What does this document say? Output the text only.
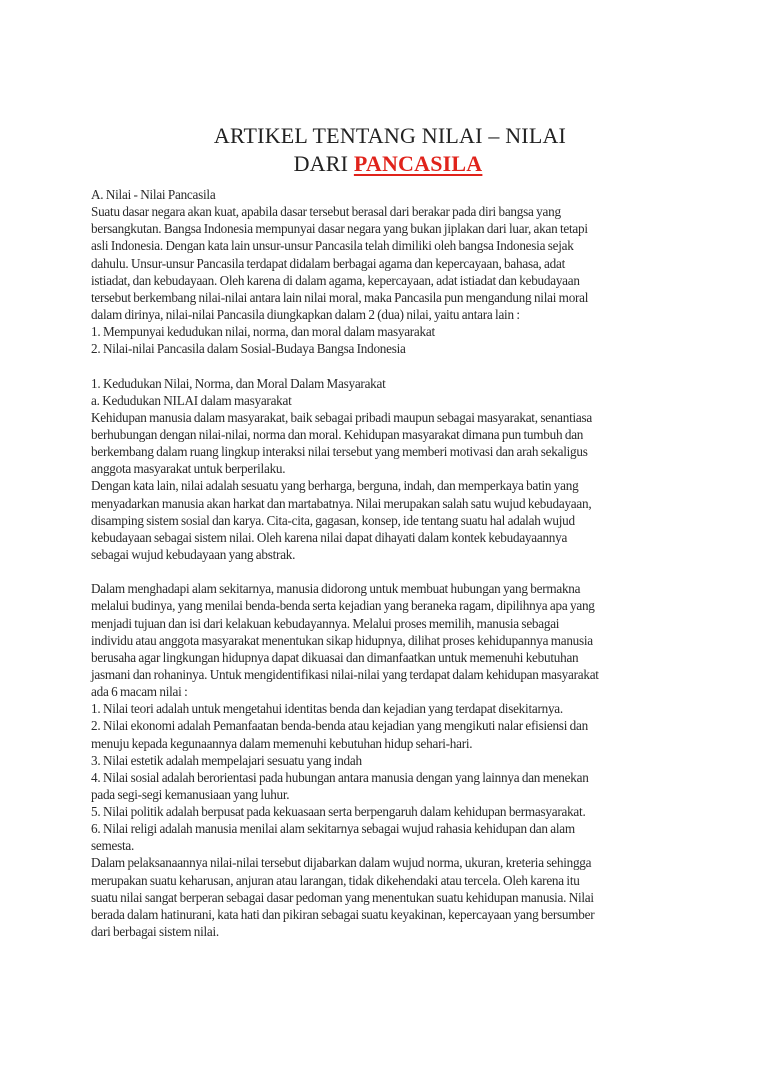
ARTIKEL TENTANG NILAI – NILAI
DARI PANCASILA
A. Nilai - Nilai Pancasila
Suatu dasar negara akan kuat, apabila dasar tersebut berasal dari berakar pada diri bangsa yang
bersangkutan. Bangsa Indonesia mempunyai dasar negara yang bukan jiplakan dari luar, akan tetapi
asli Indonesia. Dengan kata lain unsur-unsur Pancasila telah dimiliki oleh bangsa Indonesia sejak
dahulu. Unsur-unsur Pancasila terdapat didalam berbagai agama dan kepercayaan, bahasa, adat
istiadat, dan kebudayaan. Oleh karena di dalam agama, kepercayaan, adat istiadat dan kebudayaan
tersebut berkembang nilai-nilai antara lain nilai moral, maka Pancasila pun mengandung nilai moral
dalam dirinya, nilai-nilai Pancasila diungkapkan dalam 2 (dua) nilai, yaitu antara lain :
1. Mempunyai kedudukan nilai, norma, dan moral dalam masyarakat
2. Nilai-nilai Pancasila dalam Sosial-Budaya Bangsa Indonesia
1. Kedudukan Nilai, Norma, dan Moral Dalam Masyarakat
a. Kedudukan NILAI dalam masyarakat
Kehidupan manusia dalam masyarakat, baik sebagai pribadi maupun sebagai masyarakat, senantiasa
berhubungan dengan nilai-nilai, norma dan moral. Kehidupan masyarakat dimana pun tumbuh dan
berkembang dalam ruang lingkup interaksi nilai tersebut yang memberi motivasi dan arah sekaligus
anggota masyarakat untuk berperilaku.
Dengan kata lain, nilai adalah sesuatu yang berharga, berguna, indah, dan memperkaya batin yang
menyadarkan manusia akan harkat dan martabatnya. Nilai merupakan salah satu wujud kebudayaan,
disamping sistem sosial dan karya. Cita-cita, gagasan, konsep, ide tentang suatu hal adalah wujud
kebudayaan sebagai sistem nilai. Oleh karena nilai dapat dihayati dalam kontek kebudayaannya
sebagai wujud kebudayaan yang abstrak.
Dalam menghadapi alam sekitarnya, manusia didorong untuk membuat hubungan yang bermakna
melalui budinya, yang menilai benda-benda serta kejadian yang beraneka ragam, dipilihnya apa yang
menjadi tujuan dan isi dari kelakuan kebudayannya. Melalui proses memilih, manusia sebagai
individu atau anggota masyarakat menentukan sikap hidupnya, dilihat proses kehidupannya manusia
berusaha agar lingkungan hidupnya dapat dikuasai dan dimanfaatkan untuk memenuhi kebutuhan
jasmani dan rohaninya. Untuk mengidentifikasi nilai-nilai yang terdapat dalam kehidupan masyarakat
ada 6 macam nilai :
1. Nilai teori adalah untuk mengetahui identitas benda dan kejadian yang terdapat disekitarnya.
2. Nilai ekonomi adalah Pemanfaatan benda-benda atau kejadian yang mengikuti nalar efisiensi dan
menuju kepada kegunaannya dalam memenuhi kebutuhan hidup sehari-hari.
3. Nilai estetik adalah mempelajari sesuatu yang indah
4. Nilai sosial adalah berorientasi pada hubungan antara manusia dengan yang lainnya dan menekan
pada segi-segi kemanusiaan yang luhur.
5. Nilai politik adalah berpusat pada kekuasaan serta berpengaruh dalam kehidupan bermasyarakat.
6. Nilai religi adalah manusia menilai alam sekitarnya sebagai wujud rahasia kehidupan dan alam
semesta.
Dalam pelaksanaannya nilai-nilai tersebut dijabarkan dalam wujud norma, ukuran, kreteria sehingga
merupakan suatu keharusan, anjuran atau larangan, tidak dikehendaki atau tercela. Oleh karena itu
suatu nilai sangat berperan sebagai dasar pedoman yang menentukan suatu kehidupan manusia. Nilai
berada dalam hatinurani, kata hati dan pikiran sebagai suatu keyakinan, kepercayaan yang bersumber
dari berbagai sistem nilai.
